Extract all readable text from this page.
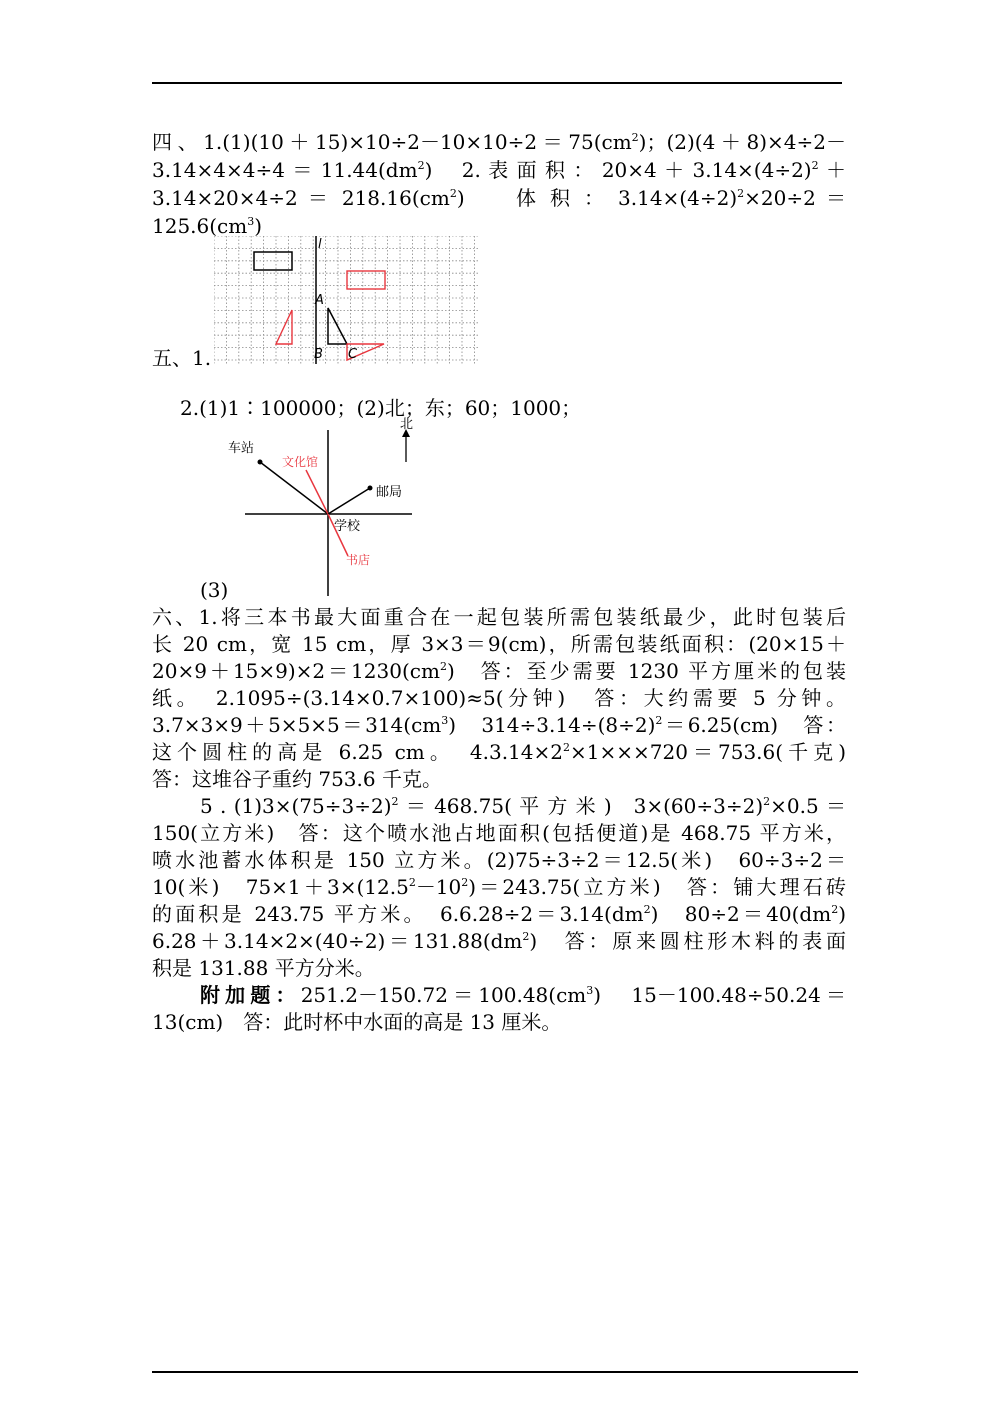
四、$1.(1)(10+15)\times 10\div 2-10\times 10\div 2=75(cm^2)$；(2)(4＋8)×4÷2－
$3.14\times 4\times 4\div 4 = 11.44(dm^2)$　 2. 表 面 积 ： $20\times 4 + 3.14\times(4\div 2)^2$ ＋
$3.14\times 20\times 4\div 2 = 218.16(cm^2)$　　体 积 ： $3.14\times(4\div 2)^2\times 20\div 2$ ＝
$125.6(cm^3)$
五、1.
l
A
B C
2.(1)1∶100000；(2)北；东；60；1000；
北
车站
文化馆
邮局
学校
书店
(3)
六、1.将三本书最大面重合在一起包装所需包装纸最少，此时包装后
长 20 cm，宽 15 cm，厚 3×3＝9(cm)，所需包装纸面积：(20×15＋
$20\times 9+15\times 9)\times 2=1230(cm^2)$　答：至少需要 1230 平方厘米的包装
纸。　2.1095÷(3.14×0.7×100)≈5(分钟)　答：大约需要 5 分钟。
$3.7\times 3\times 9+5\times 5\times 5=314(cm^3)$　$314\div 3.14\div(8\div 2)^2=6.25(cm)$　答：
这个圆柱的高是 6.25 cm。　$4.3.14\times 2^2\times 1\times\times\times 720=753.6$(千克)
答：这堆谷子重约 753.6 千克。
5 . $(1)3\times(75\div 3\div 2)^2 = 468.75$( 平 方 米 )　$3\times(60\div 3\div 2)^2\times 0.5$ ＝
150(立方米)　答：这个喷水池占地面积(包括便道)是 468.75 平方米，
喷水池蓄水体积是 150 立方米。(2)75÷3÷2＝12.5(米)　60÷3÷2＝
10(米)　$75\times 1+3\times(12.5^2-10^2)=243.75$(立方米)　答：铺大理石砖
的面积是 243.75 平方米。　$6.6.28\div 2=3.14(dm^2)$　$80\div 2=40(dm^2)$
$6.28+3.14\times 2\times(40\div 2)=131.88(dm^2)$　答：原来圆柱形木料的表面
积是 131.88 平方分米。
附加题：$251.2-150.72=100.48(cm^3)$　15－100.48÷50.24＝
13(cm)　答：此时杯中水面的高是 13 厘米。
